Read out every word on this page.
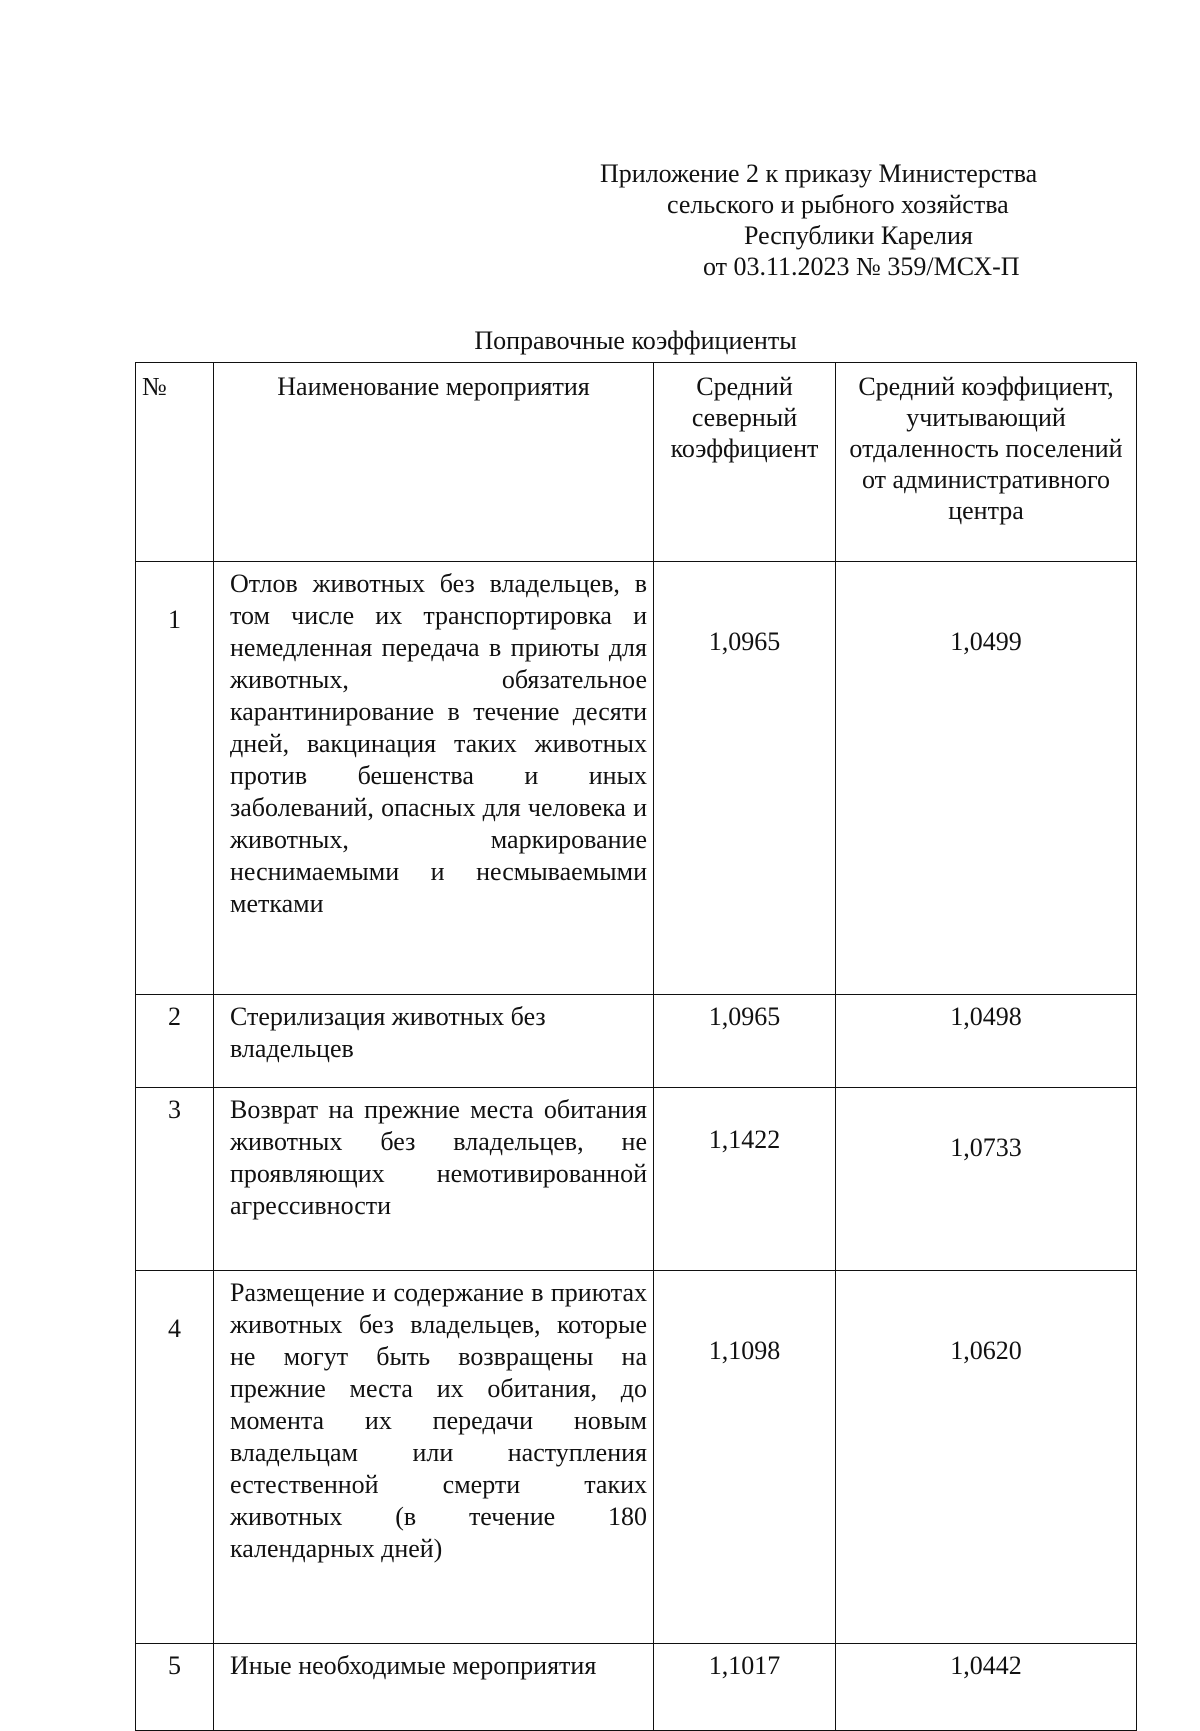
Приложение 2 к приказу Министерства
сельского и рыбного хозяйства
Республики Карелия
от 03.11.2023 № 359/МСХ-П
Поправочные коэффициенты
№	Наименование мероприятия	Средний северный коэффициент	Средний коэффициент, учитывающий отдаленность поселений от административного центра
1	Отлов животных без владельцев, в том числе их транспортировка и немедленная передача в приюты для животных, обязательное карантинирование в течение десяти дней, вакцинация таких животных против бешенства и иных заболеваний, опасных для человека и животных, маркирование неснимаемыми и несмываемыми метками	1,0965	1,0499
2	Стерилизация животных без владельцев	1,0965	1,0498
3	Возврат на прежние места обитания животных без владельцев, не проявляющих немотивированной агрессивности	1,1422	1,0733
4	Размещение и содержание в приютах животных без владельцев, которые не могут быть возвращены на прежние места их обитания, до момента их передачи новым владельцам или наступления естественной смерти таких животных (в течение 180 календарных дней)	1,1098	1,0620
5	Иные необходимые мероприятия	1,1017	1,0442
